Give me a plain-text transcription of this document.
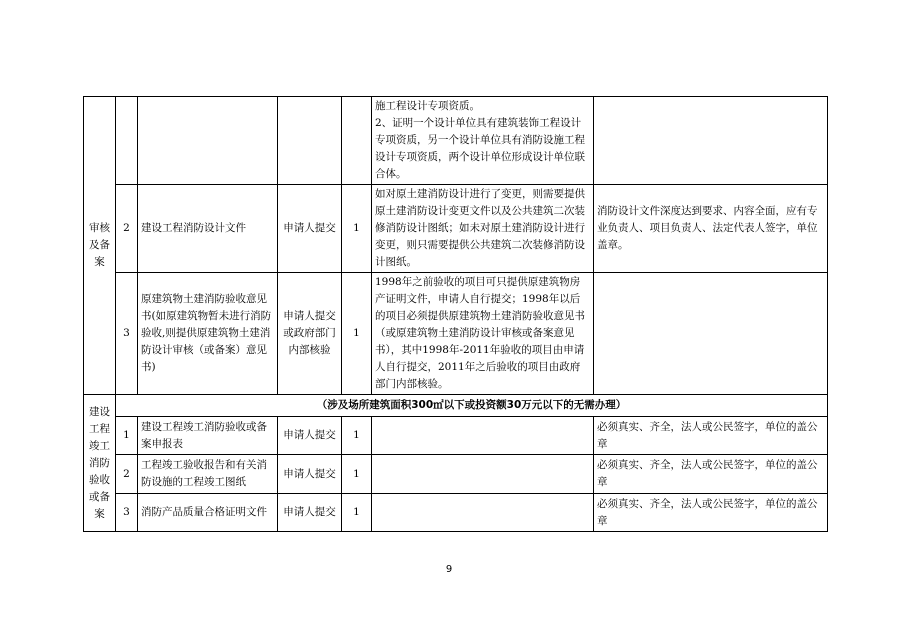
审核及备案					施工程设计专项资质。
2、证明一个设计单位具有建筑装饰工程设计专项资质，另一个设计单位具有消防设施工程设计专项资质，两个设计单位形成设计单位联合体。	
	2	建设工程消防设计文件	申请人提交	1	如对原土建消防设计进行了变更，则需要提供原土建消防设计变更文件以及公共建筑二次装修消防设计图纸；如未对原土建消防设计进行变更，则只需要提供公共建筑二次装修消防设计图纸。	消防设计文件深度达到要求、内容全面，应有专业负责人、项目负责人、法定代表人签字，单位盖章。
	3	原建筑物土建消防验收意见书(如原建筑物暂未进行消防验收,则提供原建筑物土建消防设计审核（或备案）意见书)	申请人提交或政府部门内部核验	1	1998年之前验收的项目可只提供原建筑物房产证明文件，申请人自行提交；1998年以后的项目必须提供原建筑物土建消防验收意见书（或原建筑物土建消防设计审核或备案意见书），其中1998年-2011年验收的项目由申请人自行提交，2011年之后验收的项目由政府部门内部核验。	
建设工程竣工消防验收或备案	（涉及场所建筑面积300㎡以下或投资额30万元以下的无需办理）					
	1	建设工程竣工消防验收或备案申报表	申请人提交	1		必须真实、齐全，法人或公民签字，单位的盖公章
	2	工程竣工验收报告和有关消防设施的工程竣工图纸	申请人提交	1		必须真实、齐全，法人或公民签字，单位的盖公章
	3	消防产品质量合格证明文件	申请人提交	1		必须真实、齐全，法人或公民签字，单位的盖公章
9
